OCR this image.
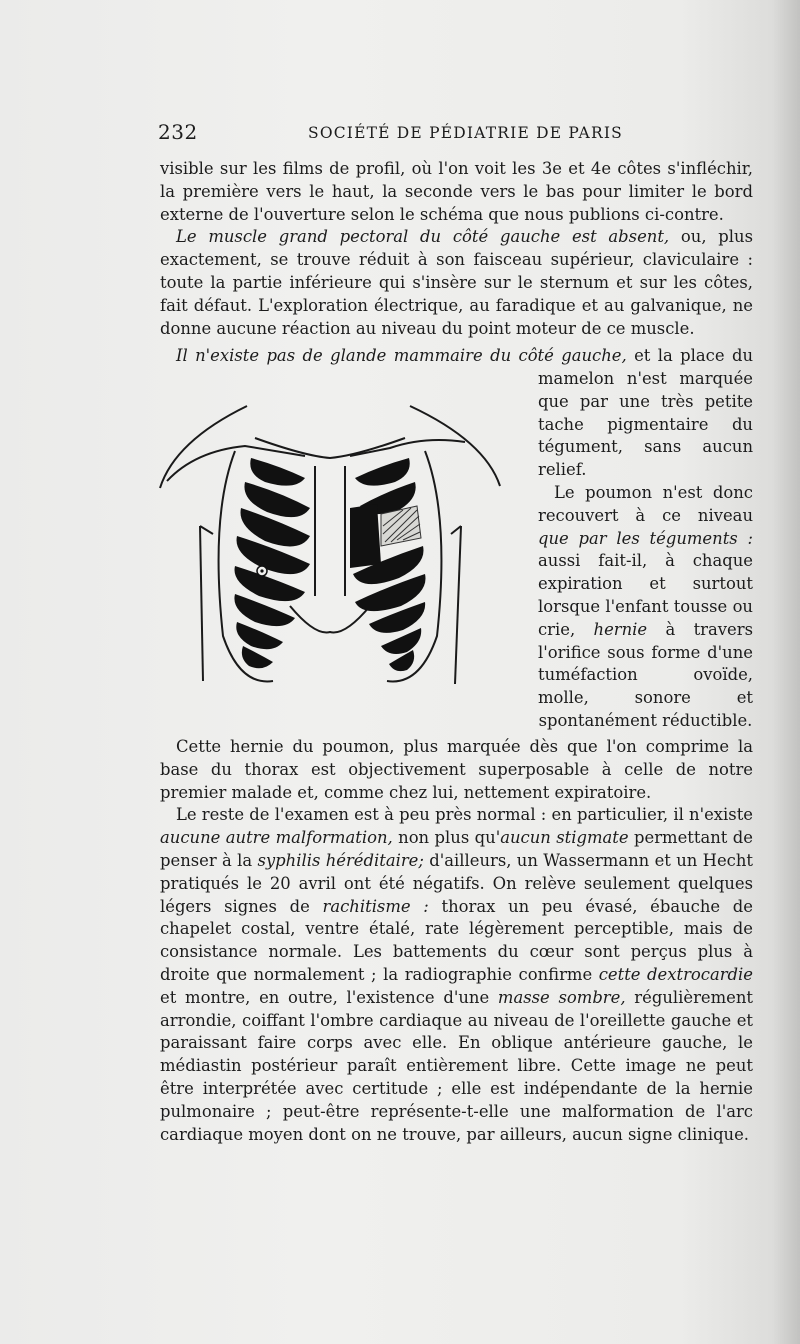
232	SOCIÉTÉ DE PÉDIATRIE DE PARIS

visible sur les films de profil, où l'on voit les 3e et 4e côtes s'infléchir, la première vers le haut, la seconde vers le bas pour limiter le bord externe de l'ouverture selon le schéma que nous publions ci-contre.

Le muscle grand pectoral du côté gauche est absent, ou, plus exactement, se trouve réduit à son faisceau supérieur, claviculaire : toute la partie inférieure qui s'insère sur le sternum et sur les côtes, fait défaut. L'exploration électrique, au faradique et au galvanique, ne donne aucune réaction au niveau du point moteur de ce muscle.

Il n'existe pas de glande mammaire du côté gauche, et la place du

mamelon n'est marquée que par une très petite tache pigmentaire du tégument, sans aucun relief.

Le poumon n'est donc recouvert à ce niveau que par les téguments : aussi fait-il, à chaque expiration et surtout lorsque l'enfant tousse ou crie, hernie à travers l'orifice sous forme d'une tuméfaction ovoïde, molle, sonore et spontanément réductible.

Cette hernie du poumon, plus marquée dès que l'on comprime la base du thorax est objectivement superposable à celle de notre premier malade et, comme chez lui, nettement expiratoire.

Le reste de l'examen est à peu près normal : en particulier, il n'existe aucune autre malformation, non plus qu'aucun stigmate permettant de penser à la syphilis héréditaire; d'ailleurs, un Wassermann et un Hecht pratiqués le 20 avril ont été négatifs. On relève seulement quelques légers signes de rachitisme : thorax un peu évasé, ébauche de chapelet costal, ventre étalé, rate légèrement perceptible, mais de consistance normale. Les battements du cœur sont perçus plus à droite que normalement ; la radiographie confirme cette dextrocardie et montre, en outre, l'existence d'une masse sombre, régulièrement arrondie, coiffant l'ombre cardiaque au niveau de l'oreillette gauche et paraissant faire corps avec elle. En oblique antérieure gauche, le médiastin postérieur paraît entièrement libre. Cette image ne peut être interprétée avec certitude ; elle est indépendante de la hernie pulmonaire ; peut-être représente-t-elle une malformation de l'arc cardiaque moyen dont on ne trouve, par ailleurs, aucun signe clinique.
